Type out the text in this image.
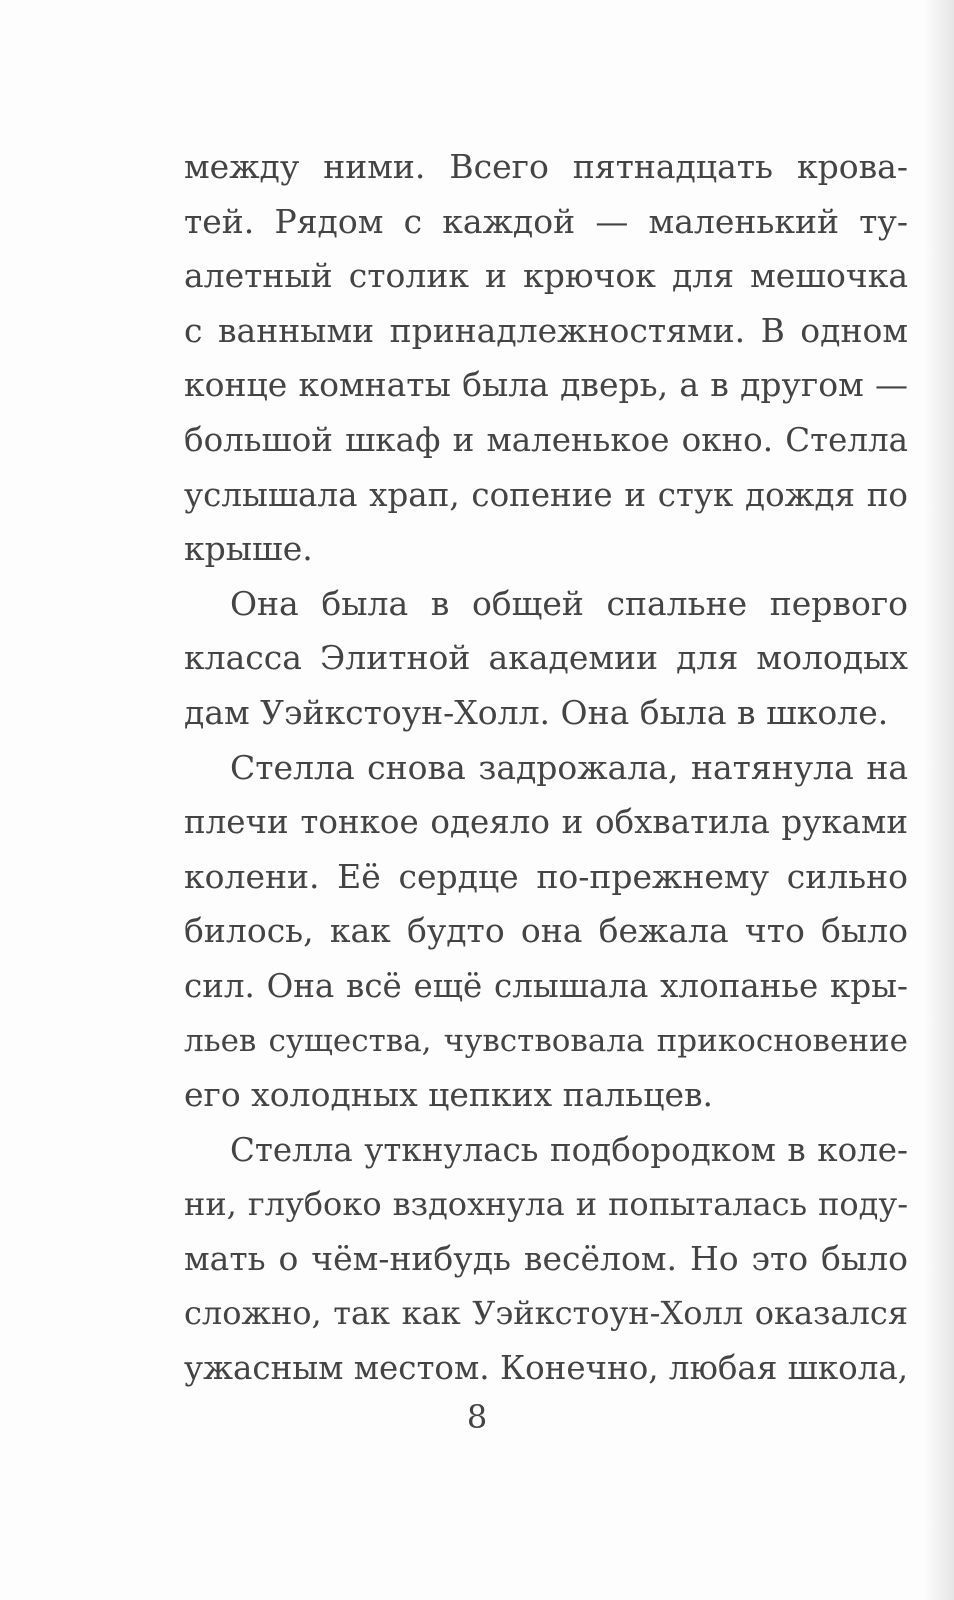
между ними. Всего пятнадцать крова-
тей. Рядом с каждой — маленький ту-
алетный столик и крючок для мешочка
с ванными принадлежностями. В одном
конце комнаты была дверь, а в другом —
большой шкаф и маленькое окно. Стелла
услышала храп, сопение и стук дождя по
крыше.
Она была в общей спальне первого
класса Элитной академии для молодых
дам Уэйкстоун-Холл. Она была в школе.
Стелла снова задрожала, натянула на
плечи тонкое одеяло и обхватила руками
колени. Её сердце по-прежнему сильно
билось, как будто она бежала что было
сил. Она всё ещё слышала хлопанье кры-
льев существа, чувствовала прикосновение
его холодных цепких пальцев.
Стелла уткнулась подбородком в коле-
ни, глубоко вздохнула и попыталась поду-
мать о чём-нибудь весёлом. Но это было
сложно, так как Уэйкстоун-Холл оказался
ужасным местом. Конечно, любая школа,
8
